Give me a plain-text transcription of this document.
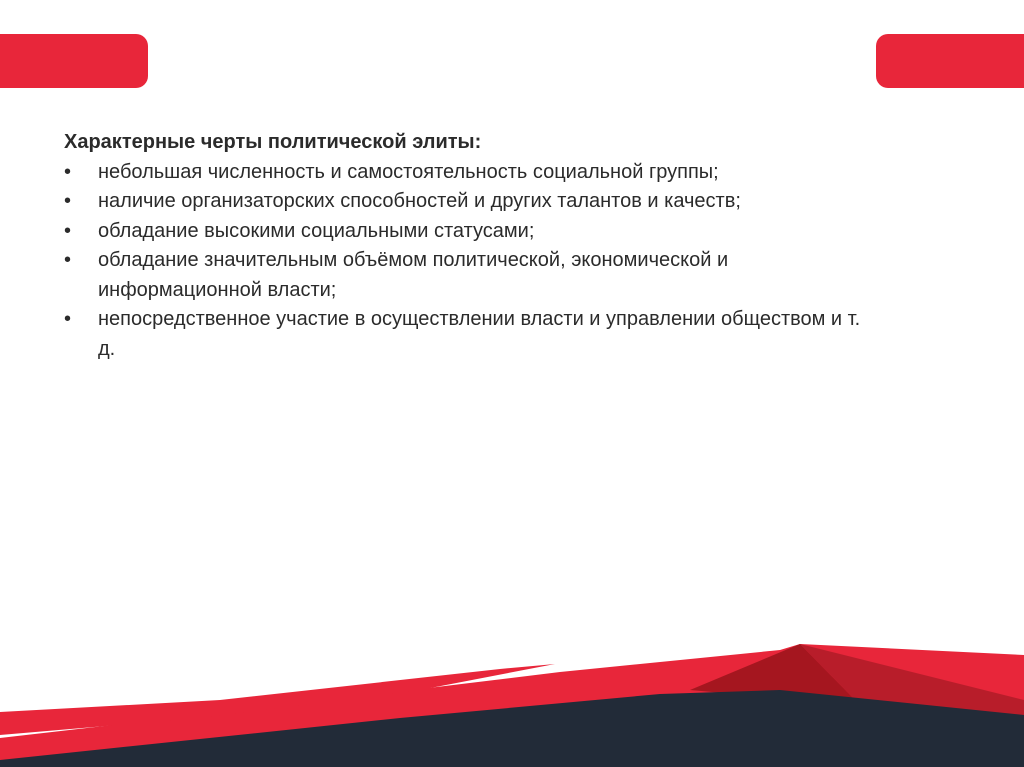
Характерные черты политической элиты:

• небольшая численность и самостоятельность социальной группы;
• наличие организаторских способностей и других талантов и качеств;
• обладание высокими социальными статусами;
• обладание значительным объёмом политической, экономической и информационной власти;
• непосредственное участие в осуществлении власти и управлении обществом и т. д.
